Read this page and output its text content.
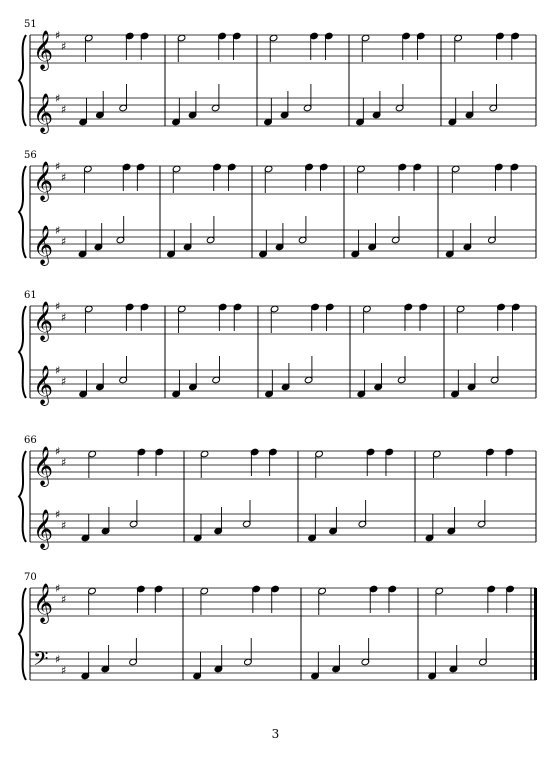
𝄞
𝄞
♯
♯
♯
♯
51
𝄞
𝄞
♯
♯
♯
♯
56
𝄞
𝄞
♯
♯
♯
♯
61
𝄞
𝄞
♯
♯
♯
♯
66
𝄞
𝄢
♯
♯
♯
♯
70
3
